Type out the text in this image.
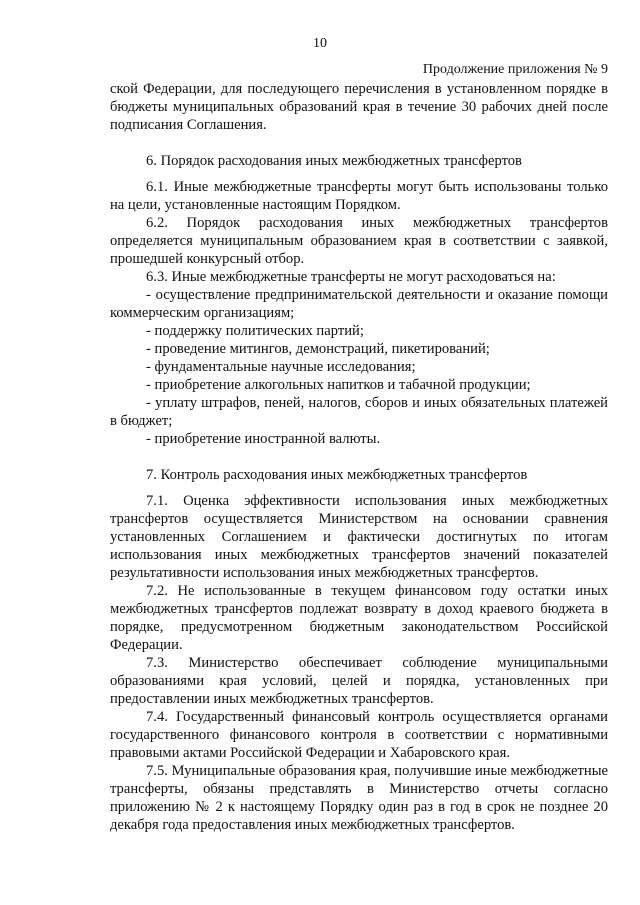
10
Продолжение приложения № 9

ской Федерации, для последующего перечисления в установленном порядке в бюджеты муниципальных образований края в течение 30 рабочих дней после подписания Соглашения.

6. Порядок расходования иных межбюджетных трансфертов

6.1. Иные межбюджетные трансферты могут быть использованы только на цели, установленные настоящим Порядком.

6.2. Порядок расходования иных межбюджетных трансфертов определяется муниципальным образованием края в соответствии с заявкой, прошедшей конкурсный отбор.

6.3. Иные межбюджетные трансферты не могут расходоваться на:

- осуществление предпринимательской деятельности и оказание помощи коммерческим организациям;

- поддержку политических партий;

- проведение митингов, демонстраций, пикетирований;

- фундаментальные научные исследования;

- приобретение алкогольных напитков и табачной продукции;

- уплату штрафов, пеней, налогов, сборов и иных обязательных платежей в бюджет;

- приобретение иностранной валюты.

7. Контроль расходования иных межбюджетных трансфертов

7.1. Оценка эффективности использования иных межбюджетных трансфертов осуществляется Министерством на основании сравнения установленных Соглашением и фактически достигнутых по итогам использования иных межбюджетных трансфертов значений показателей результативности использования иных межбюджетных трансфертов.

7.2. Не использованные в текущем финансовом году остатки иных межбюджетных трансфертов подлежат возврату в доход краевого бюджета в порядке, предусмотренном бюджетным законодательством Российской Федерации.

7.3. Министерство обеспечивает соблюдение муниципальными образованиями края условий, целей и порядка, установленных при предоставлении иных межбюджетных трансфертов.

7.4. Государственный финансовый контроль осуществляется органами государственного финансового контроля в соответствии с нормативными правовыми актами Российской Федерации и Хабаровского края.

7.5. Муниципальные образования края, получившие иные межбюджетные трансферты, обязаны представлять в Министерство отчеты согласно приложению № 2 к настоящему Порядку один раз в год в срок не позднее 20 декабря года предоставления иных межбюджетных трансфертов.
